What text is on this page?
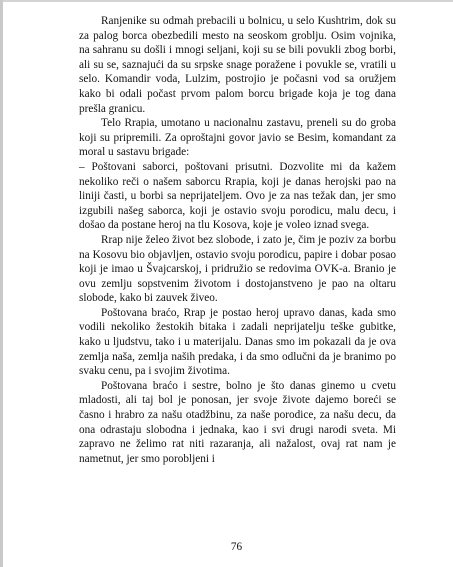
Ranjenike su odmah prebacili u bolnicu, u selo Kushtrim, dok su za palog borca obezbedili mesto na seoskom groblju. Osim vojnika, na sahranu su došli i mnogi seljani, koji su se bili povukli zbog borbi, ali su se, saznajući da su srpske snage poražene i povukle se, vratili u selo. Komandir voda, Lulzim, postrojio je počasni vod sa oružjem kako bi odali počast prvom palom borcu brigade koja je tog dana prešla granicu.

Telo Rrapia, umotano u nacionalnu zastavu, preneli su do groba koji su pripremili. Za oproštajni govor javio se Besim, komandant za moral u sastavu brigade:

– Poštovani saborci, poštovani prisutni. Dozvolite mi da kažem nekoliko reči o našem saborcu Rrapia, koji je danas herojski pao na liniji časti, u borbi sa neprijateljem. Ovo je za nas težak dan, jer smo izgubili našeg saborca, koji je ostavio svoju porodicu, malu decu, i došao da postane heroj na tlu Kosova, koje je voleo iznad svega.

Rrap nije želeo život bez slobode, i zato je, čim je poziv za borbu na Kosovu bio objavljen, ostavio svoju porodicu, papire i dobar posao koji je imao u Švajcarskoj, i pridružio se redovima OVK-a. Branio je ovu zemlju sopstvenim životom i dostojanstveno je pao na oltaru slobode, kako bi zauvek živeo.

Poštovana braćo, Rrap je postao heroj upravo danas, kada smo vodili nekoliko žestokih bitaka i zadali neprijatelju teške gubitke, kako u ljudstvu, tako i u materijalu. Danas smo im pokazali da je ova zemlja naša, zemlja naših predaka, i da smo odlučni da je branimo po svaku cenu, pa i svojim životima.

Poštovana braćo i sestre, bolno je što danas ginemo u cvetu mladosti, ali taj bol je ponosan, jer svoje živote dajemo boreći se časno i hrabro za našu otadžbinu, za naše porodice, za našu decu, da ona odrastaju slobodna i jednaka, kao i svi drugi narodi sveta. Mi zapravo ne želimo rat niti razaranja, ali nažalost, ovaj rat nam je nametnut, jer smo porobljeni i

76
